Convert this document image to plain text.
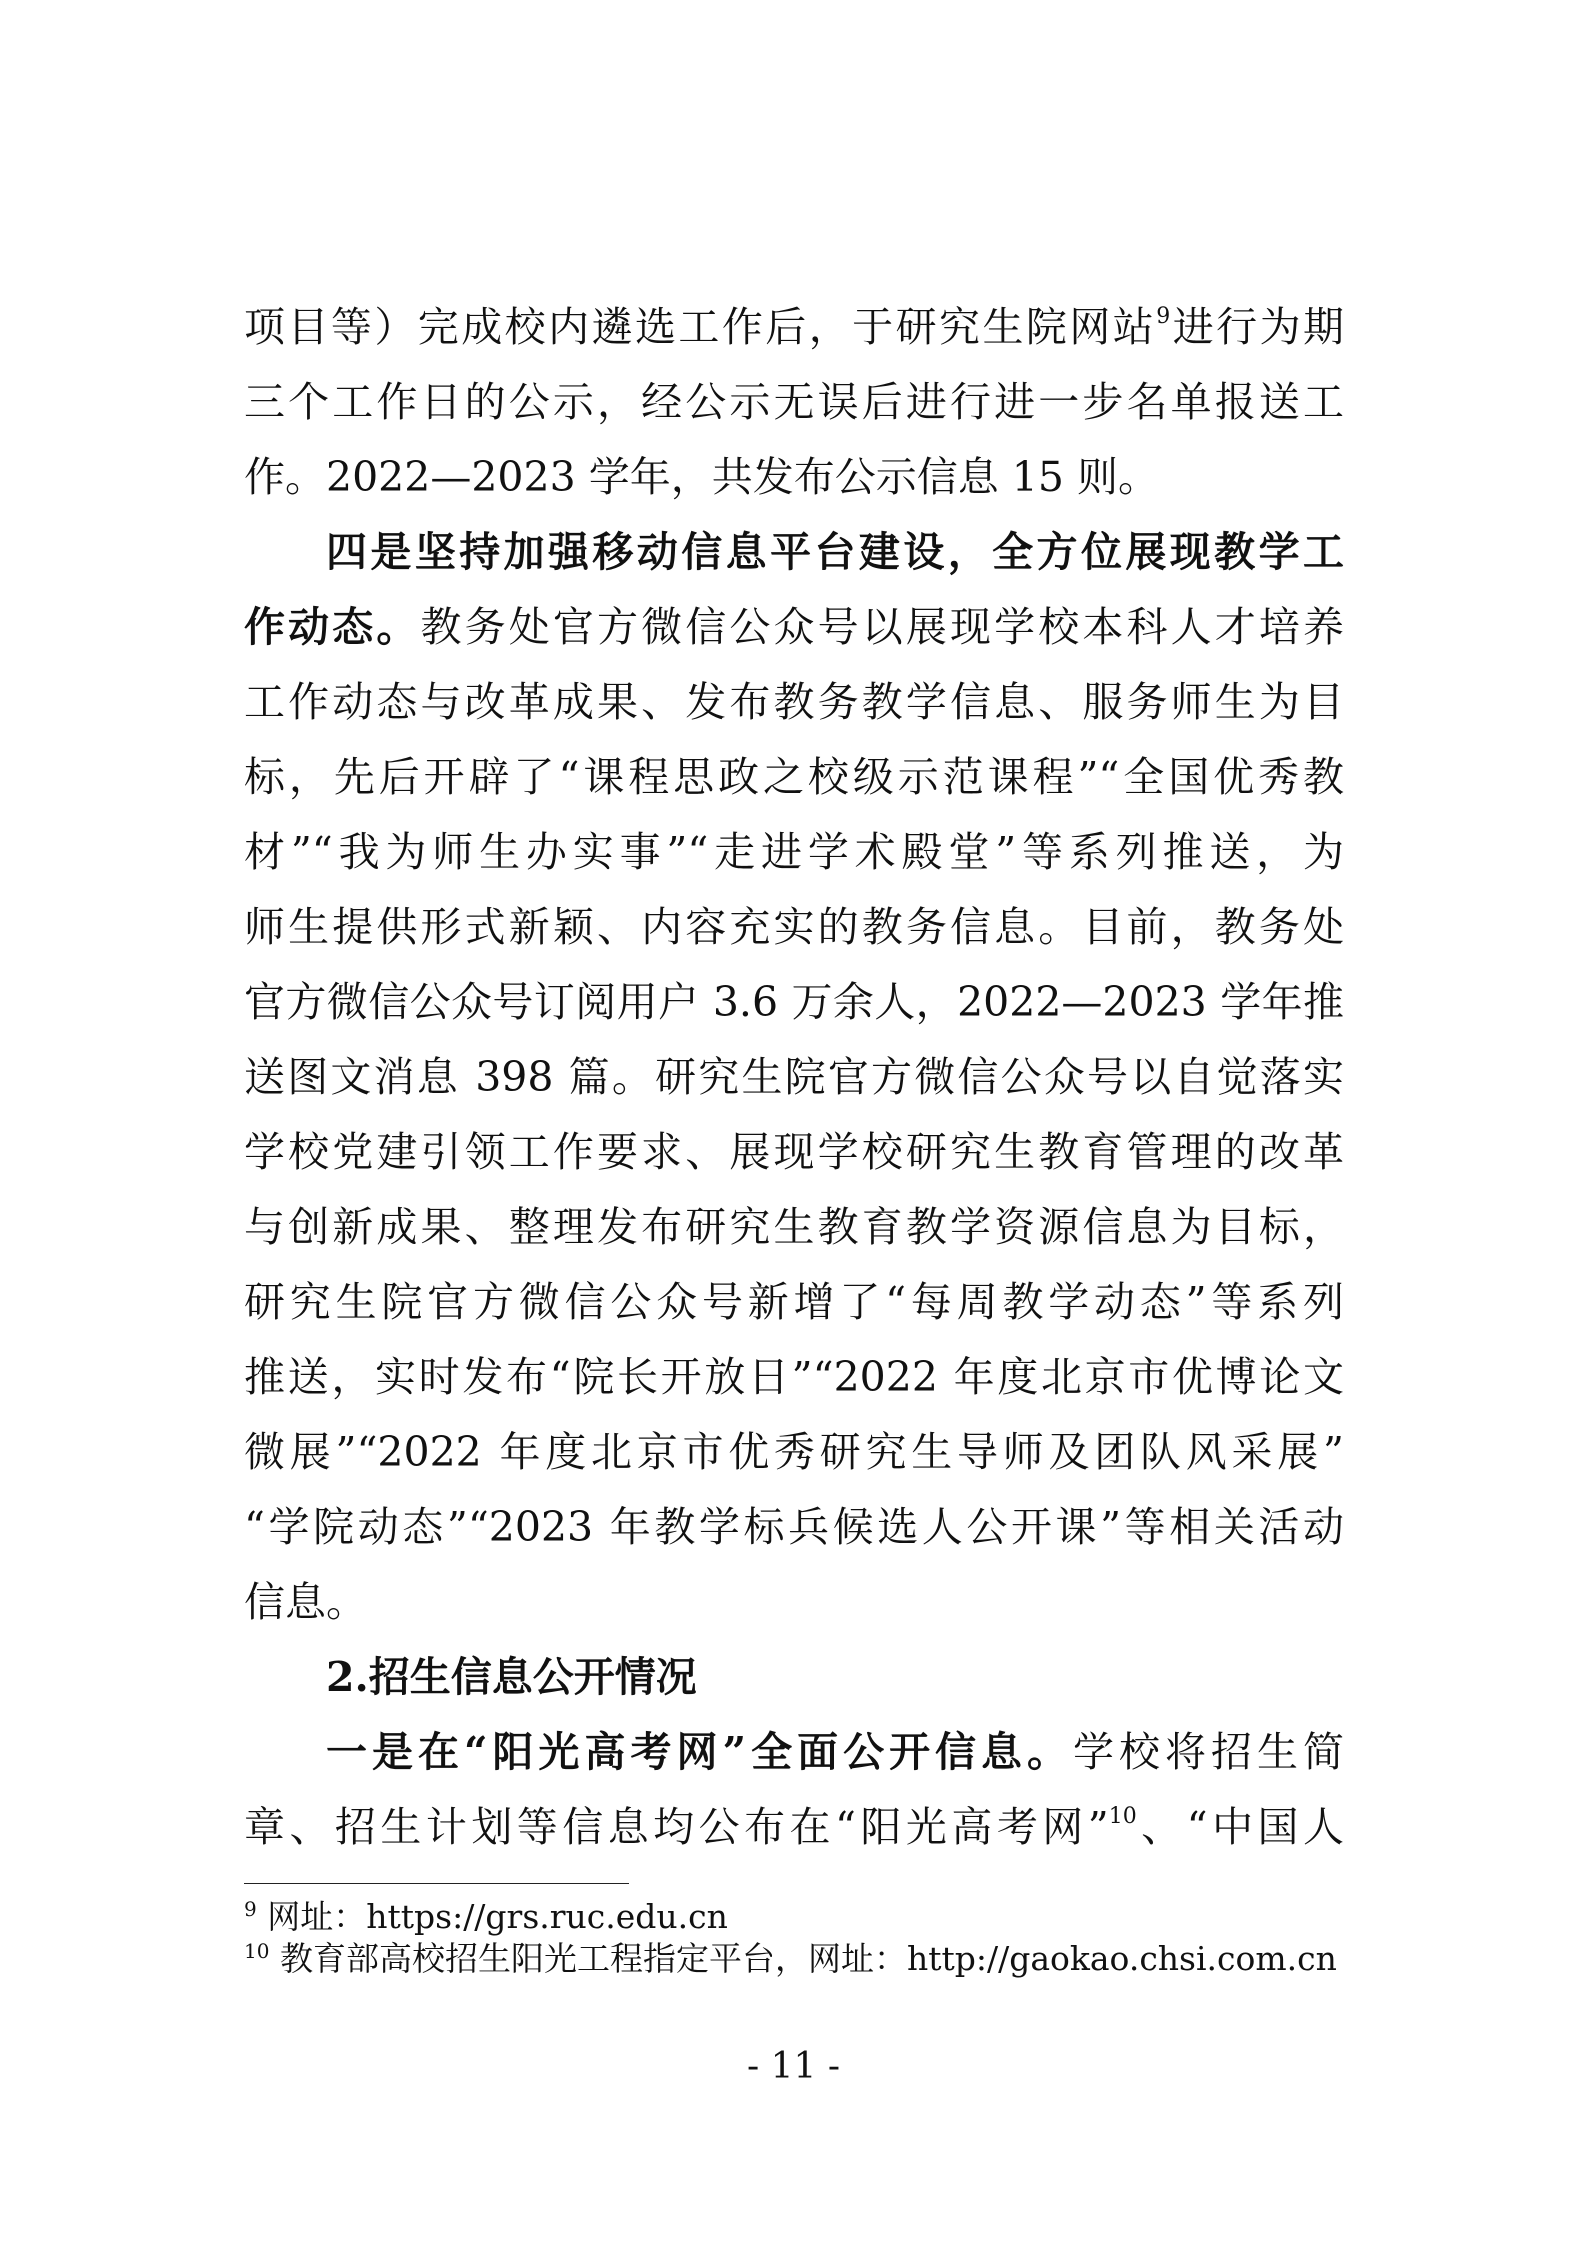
项目等）完成校内遴选工作后，于研究生院网站$^9$进行为期
三个工作日的公示，经公示无误后进行进一步名单报送工
作。2022—2023 学年，共发布公示信息 15 则。
四是坚持加强移动信息平台建设，全方位展现教学工
作动态。教务处官方微信公众号以展现学校本科人才培养
工作动态与改革成果、发布教务教学信息、服务师生为目
标，先后开辟了“课程思政之校级示范课程”“全国优秀教
材”“我为师生办实事”“走进学术殿堂”等系列推送，为
师生提供形式新颖、内容充实的教务信息。目前，教务处
官方微信公众号订阅用户 3.6 万余人，2022—2023 学年推
送图文消息 398 篇。研究生院官方微信公众号以自觉落实
学校党建引领工作要求、展现学校研究生教育管理的改革
与创新成果、整理发布研究生教育教学资源信息为目标，
研究生院官方微信公众号新增了“每周教学动态”等系列
推送，实时发布“院长开放日”“2022 年度北京市优博论文
微展”“2022 年度北京市优秀研究生导师及团队风采展”
“学院动态”“2023 年教学标兵候选人公开课”等相关活动
信息。
2.招生信息公开情况
一是在“阳光高考网”全面公开信息。学校将招生简
章、招生计划等信息均公布在“阳光高考网”$^{10}$、“中国人
$^9$ 网址：https://grs.ruc.edu.cn
$^{10}$ 教育部高校招生阳光工程指定平台，网址：http://gaokao.chsi.com.cn
- 11 -
